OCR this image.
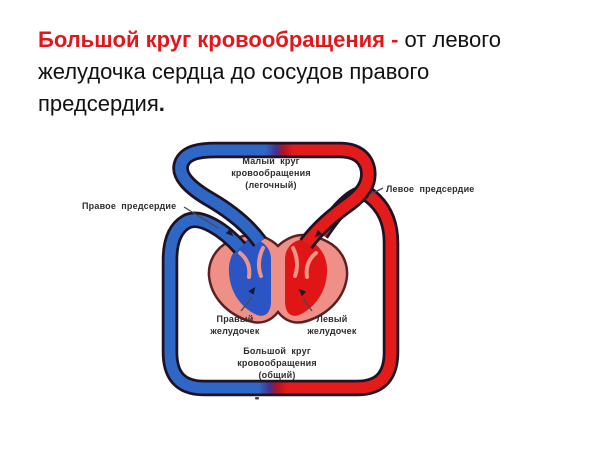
Большой круг кровообращения - от левого
желудочка сердца до сосудов правого
предсердия.
Малый круг
кровообращения
(легочный)	Левое предсердие
Правое предсердие
Правый
желудочек
Левый
желудочек
Большой круг
кровообращения
(общий)
